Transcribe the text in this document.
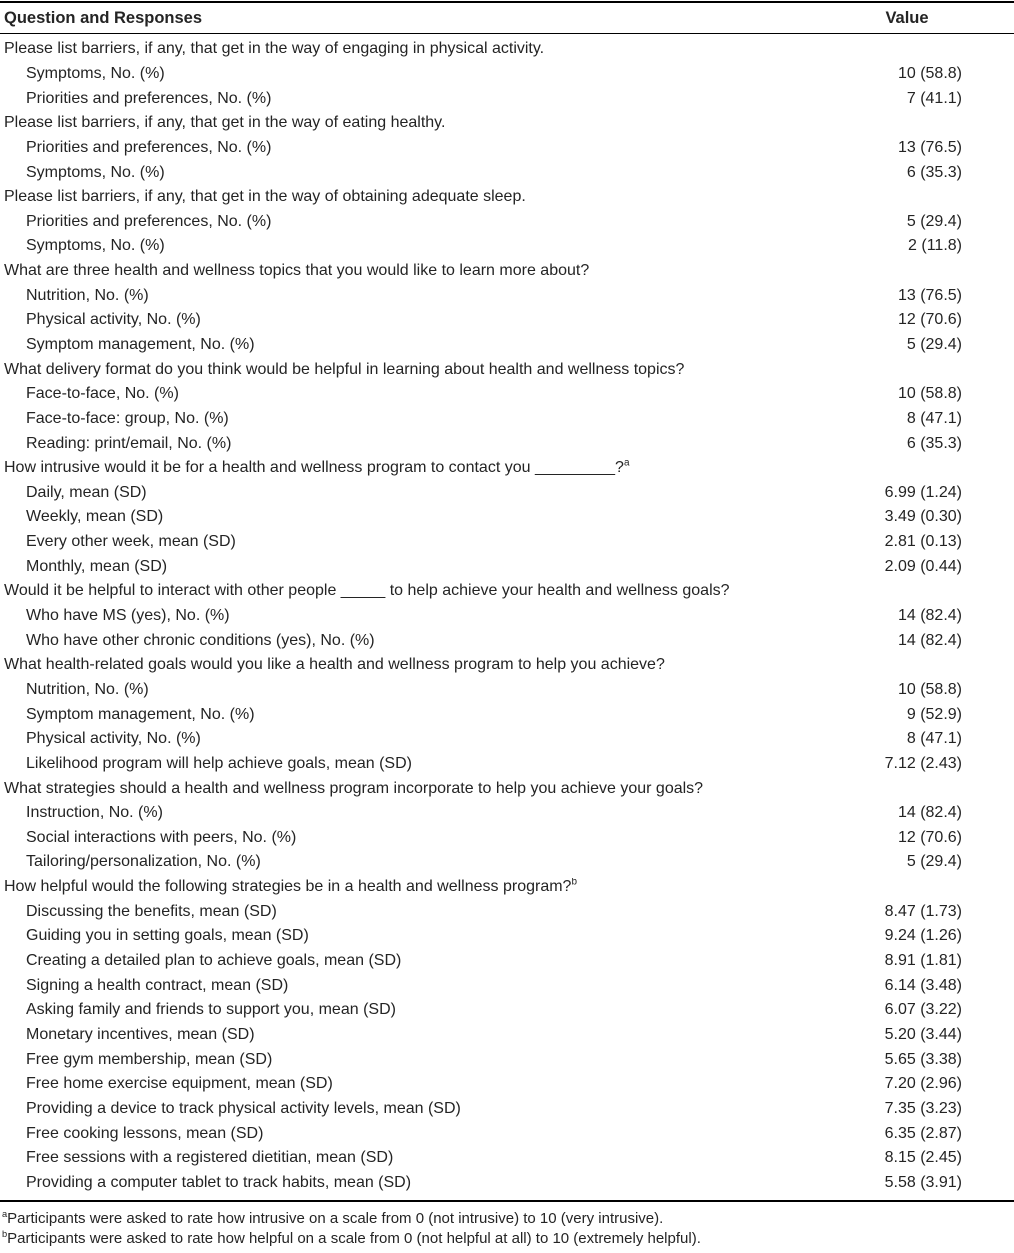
Question and Responses	Value
Please list barriers, if any, that get in the way of engaging in physical activity.
Symptoms, No. (%)	10 (58.8)
Priorities and preferences, No. (%)	7 (41.1)
Please list barriers, if any, that get in the way of eating healthy.
Priorities and preferences, No. (%)	13 (76.5)
Symptoms, No. (%)	6 (35.3)
Please list barriers, if any, that get in the way of obtaining adequate sleep.
Priorities and preferences, No. (%)	5 (29.4)
Symptoms, No. (%)	2 (11.8)
What are three health and wellness topics that you would like to learn more about?
Nutrition, No. (%)	13 (76.5)
Physical activity, No. (%)	12 (70.6)
Symptom management, No. (%)	5 (29.4)
What delivery format do you think would be helpful in learning about health and wellness topics?
Face-to-face, No. (%)	10 (58.8)
Face-to-face: group, No. (%)	8 (47.1)
Reading: print/email, No. (%)	6 (35.3)
How intrusive would it be for a health and wellness program to contact you _________?$^a$
Daily, mean (SD)	6.99 (1.24)
Weekly, mean (SD)	3.49 (0.30)
Every other week, mean (SD)	2.81 (0.13)
Monthly, mean (SD)	2.09 (0.44)
Would it be helpful to interact with other people _____ to help achieve your health and wellness goals?
Who have MS (yes), No. (%)	14 (82.4)
Who have other chronic conditions (yes), No. (%)	14 (82.4)
What health-related goals would you like a health and wellness program to help you achieve?
Nutrition, No. (%)	10 (58.8)
Symptom management, No. (%)	9 (52.9)
Physical activity, No. (%)	8 (47.1)
Likelihood program will help achieve goals, mean (SD)	7.12 (2.43)
What strategies should a health and wellness program incorporate to help you achieve your goals?
Instruction, No. (%)	14 (82.4)
Social interactions with peers, No. (%)	12 (70.6)
Tailoring/personalization, No. (%)	5 (29.4)
How helpful would the following strategies be in a health and wellness program?$^b$
Discussing the benefits, mean (SD)	8.47 (1.73)
Guiding you in setting goals, mean (SD)	9.24 (1.26)
Creating a detailed plan to achieve goals, mean (SD)	8.91 (1.81)
Signing a health contract, mean (SD)	6.14 (3.48)
Asking family and friends to support you, mean (SD)	6.07 (3.22)
Monetary incentives, mean (SD)	5.20 (3.44)
Free gym membership, mean (SD)	5.65 (3.38)
Free home exercise equipment, mean (SD)	7.20 (2.96)
Providing a device to track physical activity levels, mean (SD)	7.35 (3.23)
Free cooking lessons, mean (SD)	6.35 (2.87)
Free sessions with a registered dietitian, mean (SD)	8.15 (2.45)
Providing a computer tablet to track habits, mean (SD)	5.58 (3.91)
$^a$Participants were asked to rate how intrusive on a scale from 0 (not intrusive) to 10 (very intrusive).
$^b$Participants were asked to rate how helpful on a scale from 0 (not helpful at all) to 10 (extremely helpful).
